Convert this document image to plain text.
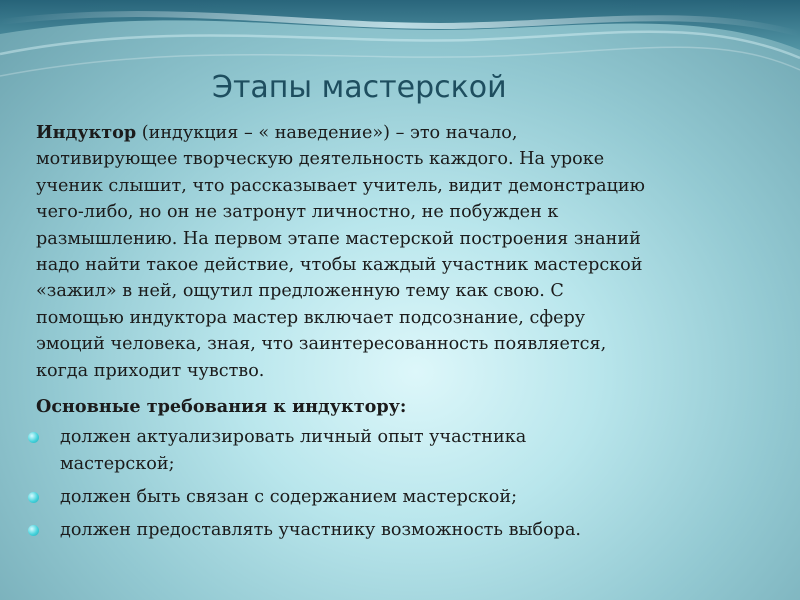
Этапы мастерской

Индуктор (индукция – « наведение») – это начало,
мотивирующее творческую деятельность каждого. На уроке
ученик слышит, что рассказывает учитель, видит демонстрацию
чего-либо, но он не затронут личностно, не побужден к
размышлению. На первом этапе мастерской построения знаний
надо найти такое действие, чтобы каждый участник мастерской
«зажил» в ней, ощутил предложенную тему как свою. С
помощью индуктора мастер включает подсознание, сферу
эмоций человека, зная, что заинтересованность появляется,
когда приходит чувство.

Основные требования к индуктору:

должен актуализировать личный опыт участника
мастерской;
должен быть связан с содержанием мастерской;
должен предоставлять участнику возможность выбора.
